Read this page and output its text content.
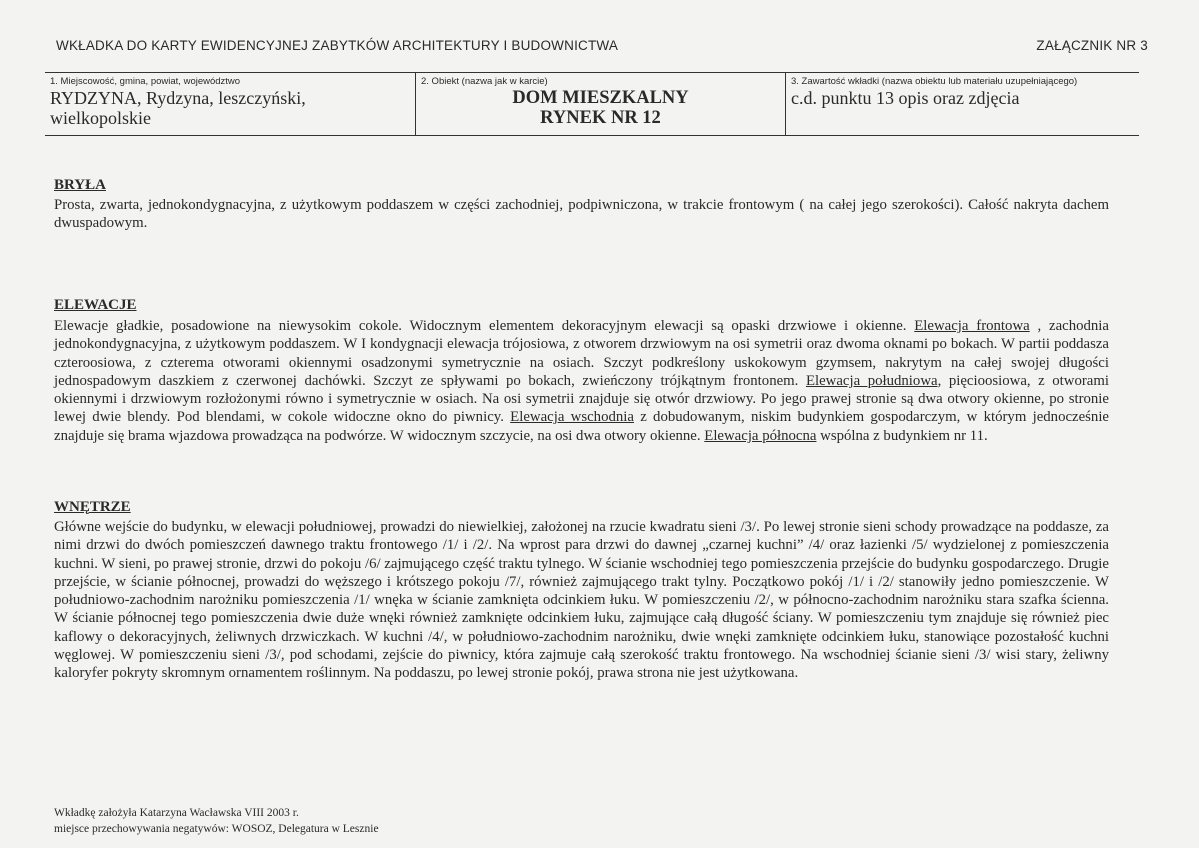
WKŁADKA DO KARTY EWIDENCYJNEJ ZABYTKÓW ARCHITEKTURY I BUDOWNICTWA	ZAŁĄCZNIK NR 3
1. Miejscowość, gmina, powiat, województwo
RYDZYNA, Rydzyna, leszczyński,
wielkopolskie
2. Obiekt (nazwa jak w karcie)
DOM MIESZKALNY
RYNEK NR 12
3. Zawartość wkładki (nazwa obiektu lub materiału uzupełniającego)
c.d. punktu 13 opis oraz zdjęcia
BRYŁA
Prosta, zwarta, jednokondygnacyjna, z użytkowym poddaszem w części zachodniej, podpiwniczona, w trakcie frontowym ( na całej jego szerokości). Całość nakryta dachem dwuspadowym.
ELEWACJE
Elewacje gładkie, posadowione na niewysokim cokole. Widocznym elementem dekoracyjnym elewacji są opaski drzwiowe i okienne. Elewacja frontowa , zachodnia jednokondygnacyjna, z użytkowym poddaszem. W I kondygnacji elewacja trójosiowa, z otworem drzwiowym na osi symetrii oraz dwoma oknami po bokach. W partii poddasza czteroosiowa, z czterema otworami okiennymi osadzonymi symetrycznie na osiach. Szczyt podkreślony uskokowym gzymsem, nakrytym na całej swojej długości jednospadowym daszkiem z czerwonej dachówki. Szczyt ze spływami po bokach, zwieńczony trójkątnym frontonem. Elewacja południowa, pięcioosiowa, z otworami okiennymi i drzwiowym rozłożonymi równo i symetrycznie w osiach. Na osi symetrii znajduje się otwór drzwiowy. Po jego prawej stronie są dwa otwory okienne, po stronie lewej dwie blendy. Pod blendami, w cokole widoczne okno do piwnicy. Elewacja wschodnia z dobudowanym, niskim budynkiem gospodarczym, w którym jednocześnie znajduje się brama wjazdowa prowadząca na podwórze. W widocznym szczycie, na osi dwa otwory okienne. Elewacja północna wspólna z budynkiem nr 11.
WNĘTRZE
Główne wejście do budynku, w elewacji południowej, prowadzi do niewielkiej, założonej na rzucie kwadratu sieni /3/. Po lewej stronie sieni schody prowadzące na poddasze, za nimi drzwi do dwóch pomieszczeń dawnego traktu frontowego /1/ i /2/. Na wprost para drzwi do dawnej „czarnej kuchni” /4/ oraz łazienki /5/ wydzielonej z pomieszczenia kuchni. W sieni, po prawej stronie, drzwi do pokoju /6/ zajmującego część traktu tylnego. W ścianie wschodniej tego pomieszczenia przejście do budynku gospodarczego. Drugie przejście, w ścianie północnej, prowadzi do węższego i krótszego pokoju /7/, również zajmującego trakt tylny. Początkowo pokój /1/ i /2/ stanowiły jedno pomieszczenie. W południowo-zachodnim narożniku pomieszczenia /1/ wnęka w ścianie zamknięta odcinkiem łuku. W pomieszczeniu /2/, w północno-zachodnim narożniku stara szafka ścienna. W ścianie północnej tego pomieszczenia dwie duże wnęki również zamknięte odcinkiem łuku, zajmujące całą długość ściany. W pomieszczeniu tym znajduje się również piec kaflowy o dekoracyjnych, żeliwnych drzwiczkach. W kuchni /4/, w południowo-zachodnim narożniku, dwie wnęki zamknięte odcinkiem łuku, stanowiące pozostałość kuchni węglowej. W pomieszczeniu sieni /3/, pod schodami, zejście do piwnicy, która zajmuje całą szerokość traktu frontowego. Na wschodniej ścianie sieni /3/ wisi stary, żeliwny kaloryfer pokryty skromnym ornamentem roślinnym. Na poddaszu, po lewej stronie pokój, prawa strona nie jest użytkowana.
Wkładkę założyła Katarzyna Wacławska VIII 2003 r.
miejsce przechowywania negatywów: WOSOZ, Delegatura w Lesznie
